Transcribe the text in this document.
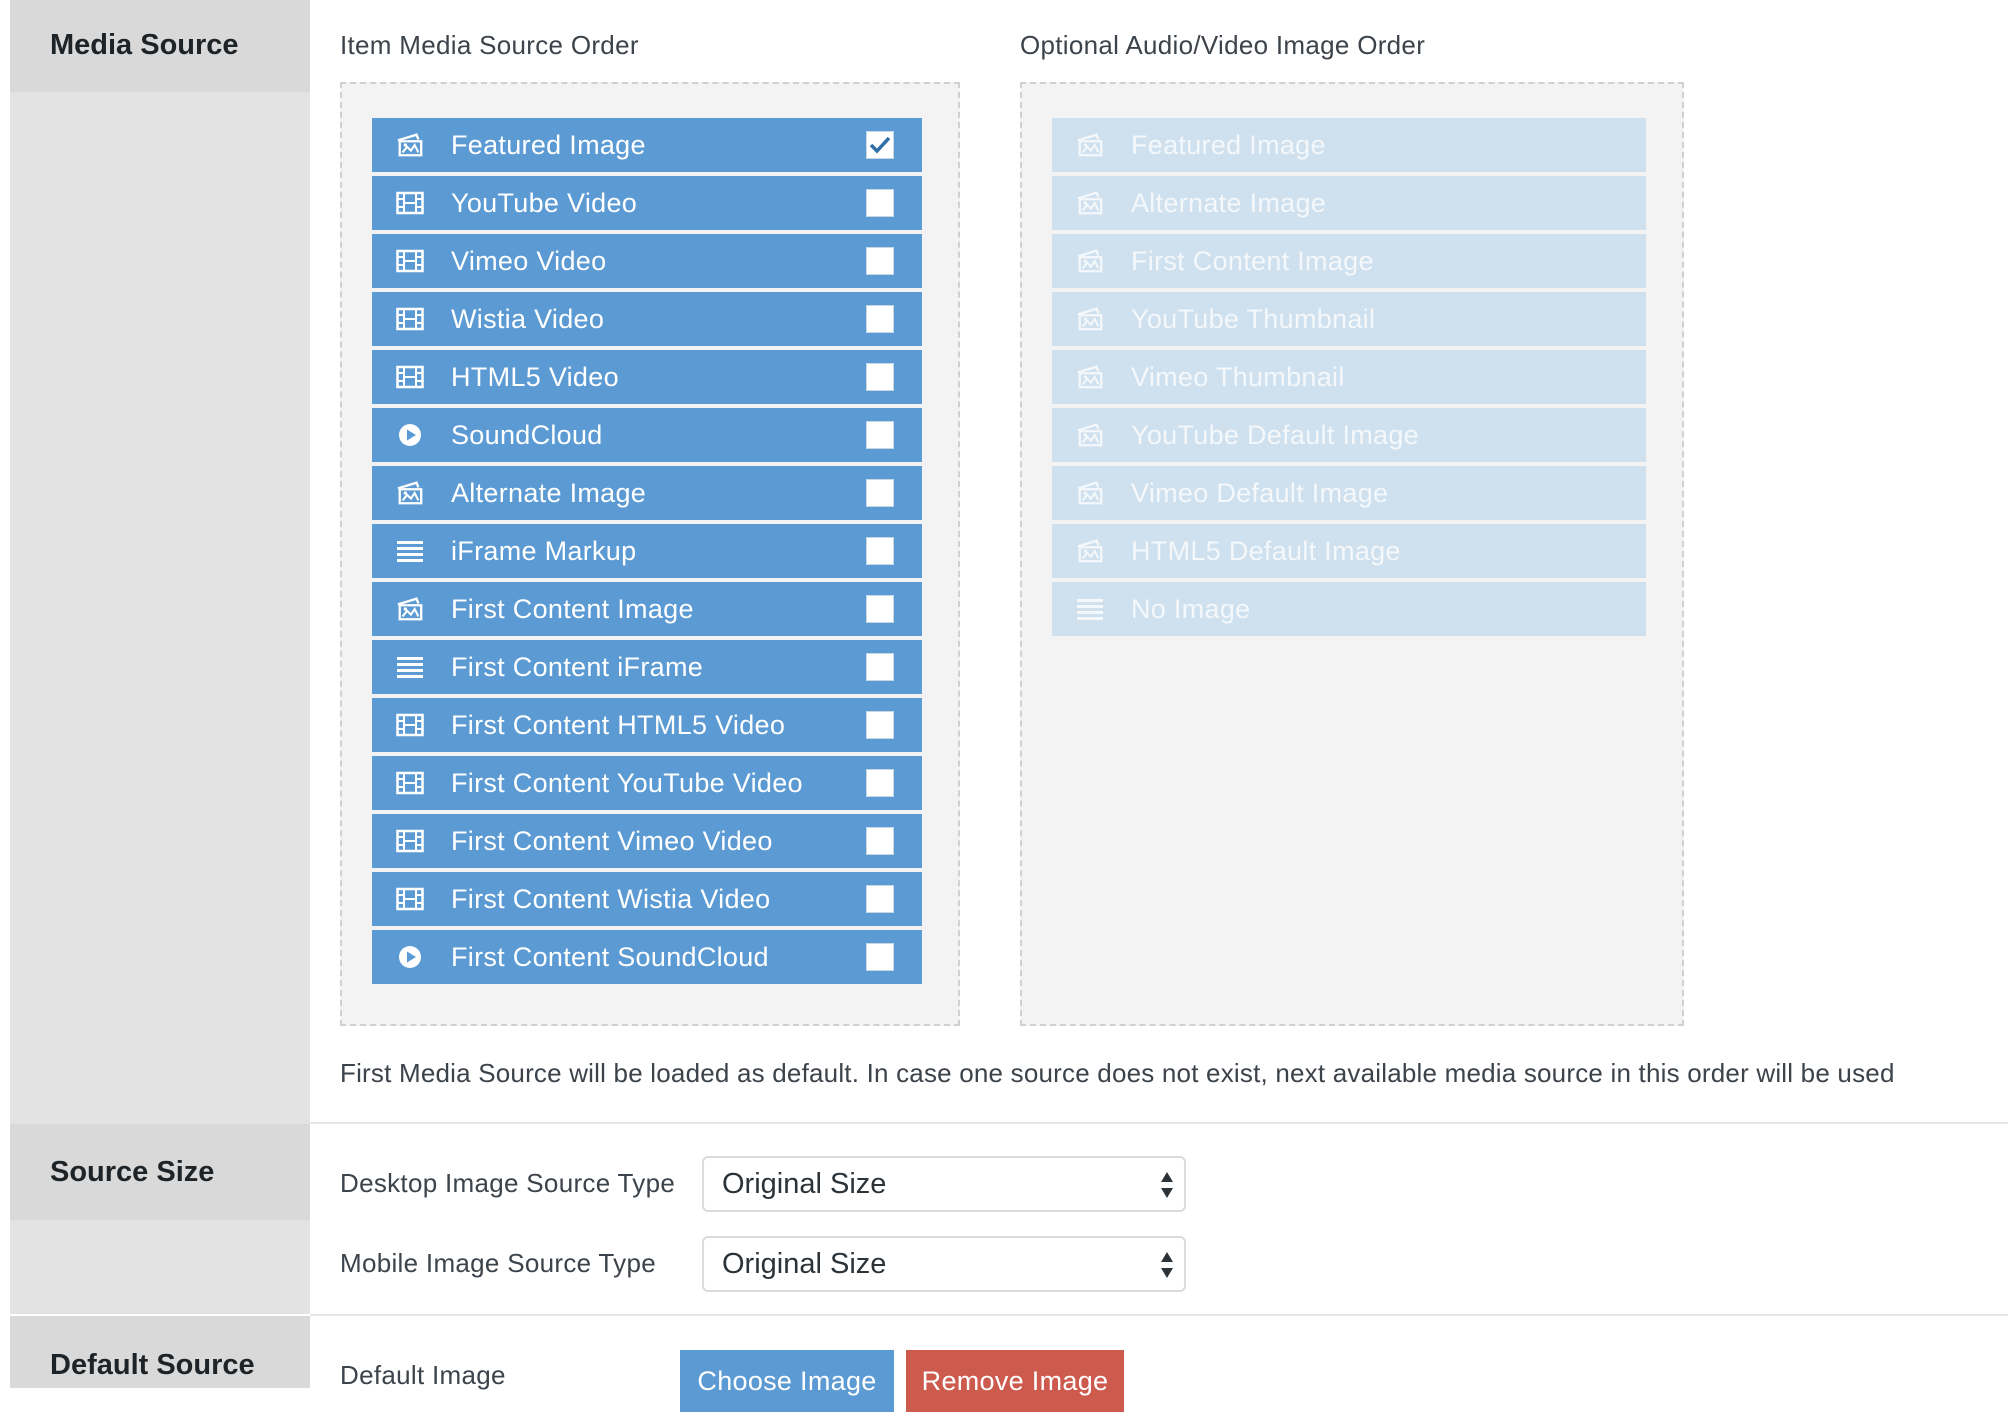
Media Source
Source Size
Default Source
Item Media Source Order	Optional Audio/Video Image Order
Featured Image
YouTube Video
Vimeo Video
Wistia Video
HTML5 Video
SoundCloud
Alternate Image
iFrame Markup
First Content Image
First Content iFrame
First Content HTML5 Video
First Content YouTube Video
First Content Vimeo Video
First Content Wistia Video
First Content SoundCloud
Featured Image
Alternate Image
First Content Image
YouTube Thumbnail
Vimeo Thumbnail
YouTube Default Image
Vimeo Default Image
HTML5 Default Image
No Image
First Media Source will be loaded as default. In case one source does not exist, next available media source in this order will be used
Desktop Image Source Type Original Size
Mobile Image Source Type Original Size
Default Image	Choose Image	Remove Image
